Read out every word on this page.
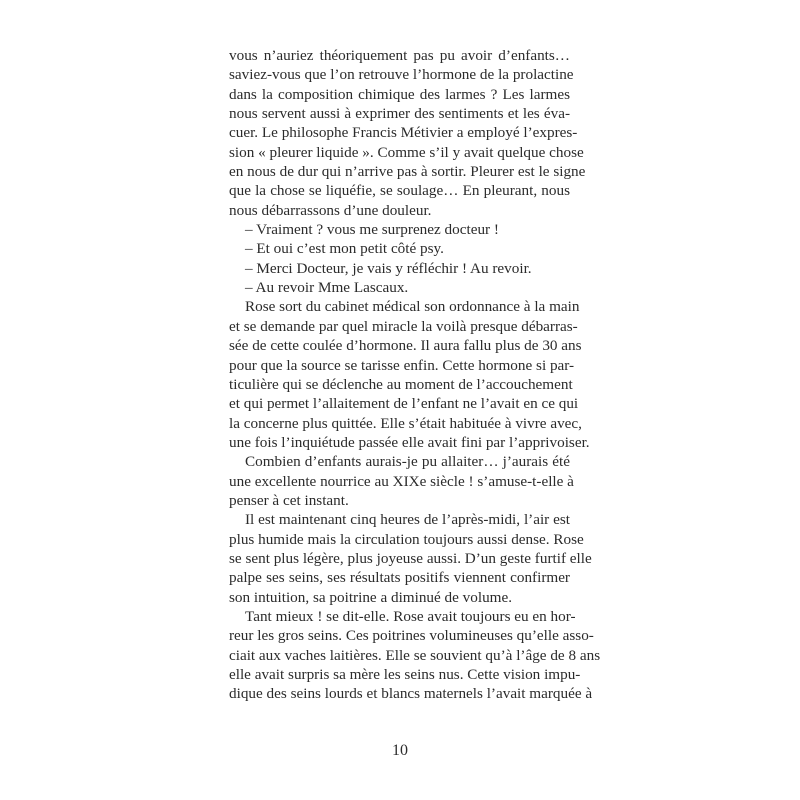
vous n’auriez théoriquement pas pu avoir d’enfants…
saviez-vous que l’on retrouve l’hormone de la prolactine
dans la composition chimique des larmes ? Les larmes
nous servent aussi à exprimer des sentiments et les éva-
cuer. Le philosophe Francis Métivier a employé l’expres-
sion « pleurer liquide ». Comme s’il y avait quelque chose
en nous de dur qui n’arrive pas à sortir. Pleurer est le signe
que la chose se liquéfie, se soulage… En pleurant, nous
nous débarrassons d’une douleur.
– Vraiment ? vous me surprenez docteur !
– Et oui c’est mon petit côté psy.
– Merci Docteur, je vais y réfléchir ! Au revoir.
– Au revoir Mme Lascaux.
Rose sort du cabinet médical son ordonnance à la main
et se demande par quel miracle la voilà presque débarras-
sée de cette coulée d’hormone. Il aura fallu plus de 30 ans
pour que la source se tarisse enfin. Cette hormone si par-
ticulière qui se déclenche au moment de l’accouchement
et qui permet l’allaitement de l’enfant ne l’avait en ce qui
la concerne plus quittée. Elle s’était habituée à vivre avec,
une fois l’inquiétude passée elle avait fini par l’apprivoiser.
Combien d’enfants aurais-je pu allaiter… j’aurais été
une excellente nourrice au XIXe siècle ! s’amuse-t-elle à
penser à cet instant.
Il est maintenant cinq heures de l’après-midi, l’air est
plus humide mais la circulation toujours aussi dense. Rose
se sent plus légère, plus joyeuse aussi. D’un geste furtif elle
palpe ses seins, ses résultats positifs viennent confirmer
son intuition, sa poitrine a diminué de volume.
Tant mieux ! se dit-elle. Rose avait toujours eu en hor-
reur les gros seins. Ces poitrines volumineuses qu’elle asso-
ciait aux vaches laitières. Elle se souvient qu’à l’âge de 8 ans
elle avait surpris sa mère les seins nus. Cette vision impu-
dique des seins lourds et blancs maternels l’avait marquée à
10
